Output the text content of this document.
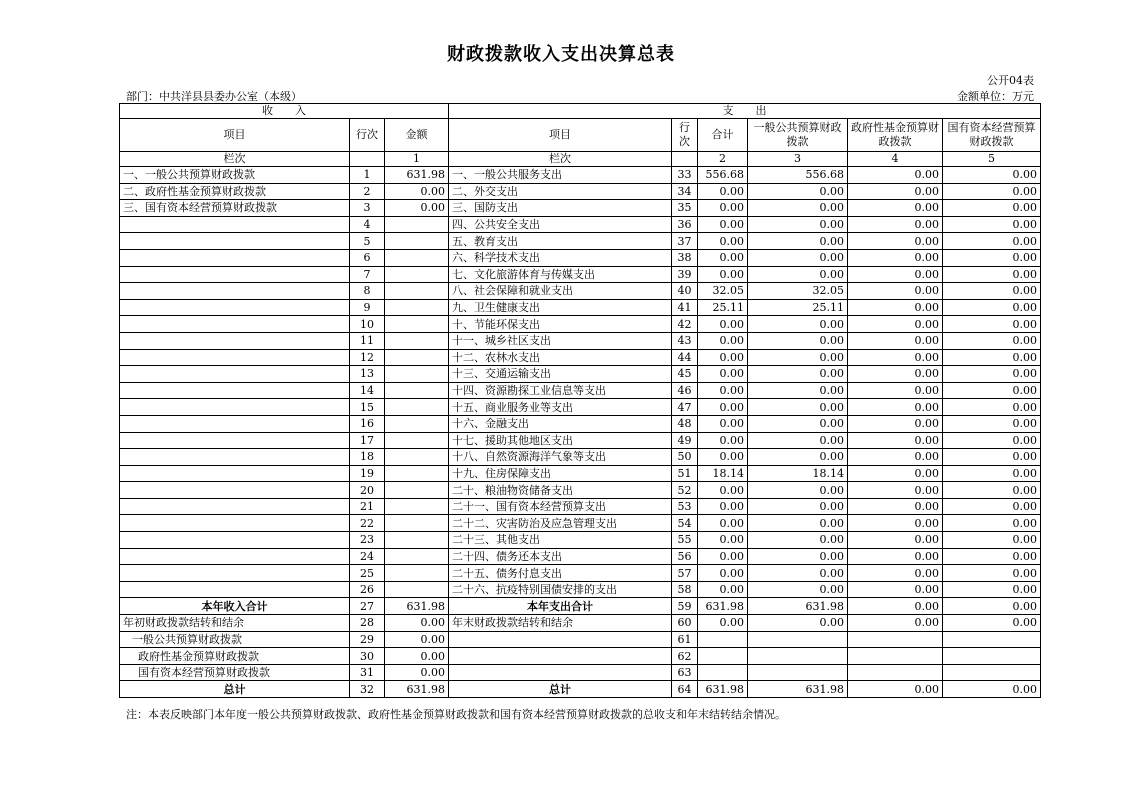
财政拨款收入支出决算总表
公开04表
部门：中共洋县县委办公室（本级）	金额单位：万元
收　　入			支　　出					
项目	行次	金额	项目	行次	合计	一般公共预算财政拨款	政府性基金预算财政拨款	国有资本经营预算财政拨款
栏次		1	栏次		2	3	4	5
一、一般公共预算财政拨款	1	631.98	一、一般公共服务支出	33	556.68	556.68	0.00	0.00
二、政府性基金预算财政拨款	2	0.00	二、外交支出	34	0.00	0.00	0.00	0.00
三、国有资本经营预算财政拨款	3	0.00	三、国防支出	35	0.00	0.00	0.00	0.00
	4		四、公共安全支出	36	0.00	0.00	0.00	0.00
	5		五、教育支出	37	0.00	0.00	0.00	0.00
	6		六、科学技术支出	38	0.00	0.00	0.00	0.00
	7		七、文化旅游体育与传媒支出	39	0.00	0.00	0.00	0.00
	8		八、社会保障和就业支出	40	32.05	32.05	0.00	0.00
	9		九、卫生健康支出	41	25.11	25.11	0.00	0.00
	10		十、节能环保支出	42	0.00	0.00	0.00	0.00
	11		十一、城乡社区支出	43	0.00	0.00	0.00	0.00
	12		十二、农林水支出	44	0.00	0.00	0.00	0.00
	13		十三、交通运输支出	45	0.00	0.00	0.00	0.00
	14		十四、资源勘探工业信息等支出	46	0.00	0.00	0.00	0.00
	15		十五、商业服务业等支出	47	0.00	0.00	0.00	0.00
	16		十六、金融支出	48	0.00	0.00	0.00	0.00
	17		十七、援助其他地区支出	49	0.00	0.00	0.00	0.00
	18		十八、自然资源海洋气象等支出	50	0.00	0.00	0.00	0.00
	19		十九、住房保障支出	51	18.14	18.14	0.00	0.00
	20		二十、粮油物资储备支出	52	0.00	0.00	0.00	0.00
	21		二十一、国有资本经营预算支出	53	0.00	0.00	0.00	0.00
	22		二十二、灾害防治及应急管理支出	54	0.00	0.00	0.00	0.00
	23		二十三、其他支出	55	0.00	0.00	0.00	0.00
	24		二十四、债务还本支出	56	0.00	0.00	0.00	0.00
	25		二十五、债务付息支出	57	0.00	0.00	0.00	0.00
	26		二十六、抗疫特别国债安排的支出	58	0.00	0.00	0.00	0.00
本年收入合计	27	631.98	本年支出合计	59	631.98	631.98	0.00	0.00
年初财政拨款结转和结余	28	0.00	年末财政拨款结转和结余	60	0.00	0.00	0.00	0.00
一般公共预算财政拨款	29	0.00		61				
政府性基金预算财政拨款	30	0.00		62				
国有资本经营预算财政拨款	31	0.00		63				
总计	32	631.98	总计	64	631.98	631.98	0.00	0.00
注：本表反映部门本年度一般公共预算财政拨款、政府性基金预算财政拨款和国有资本经营预算财政拨款的总收支和年末结转结余情况。
